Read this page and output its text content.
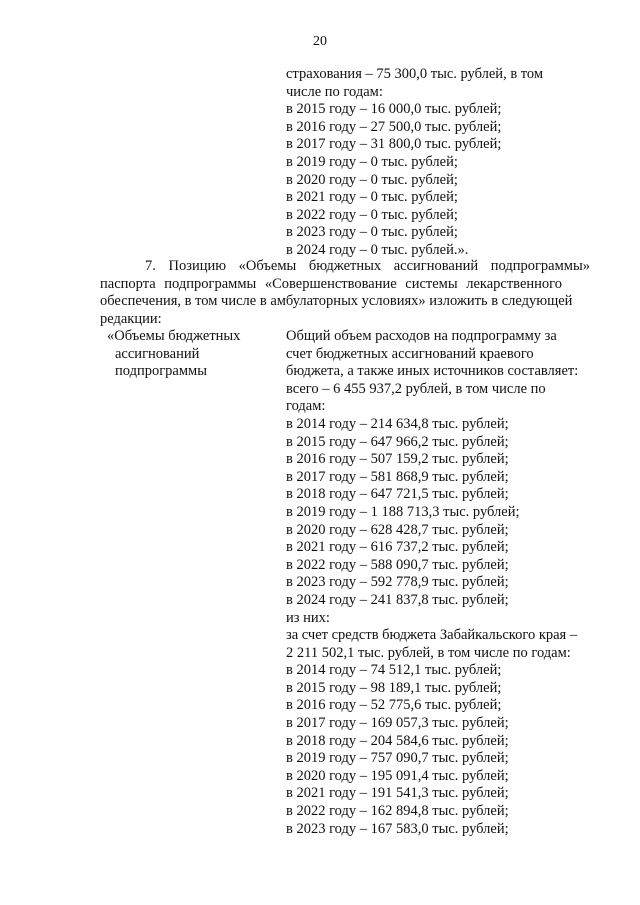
20
страхования – 75 300,0 тыс. рублей, в том
числе по годам:
в 2015 году – 16 000,0 тыс. рублей;
в 2016 году – 27 500,0 тыс. рублей;
в 2017 году – 31 800,0 тыс. рублей;
в 2019 году – 0 тыс. рублей;
в 2020 году – 0 тыс. рублей;
в 2021 году – 0 тыс. рублей;
в 2022 году – 0 тыс. рублей;
в 2023 году – 0 тыс. рублей;
в 2024 году – 0 тыс. рублей.».
7. Позицию «Объемы бюджетных ассигнований подпрограммы»
паспорта подпрограммы «Совершенствование системы лекарственного
обеспечения, в том числе в амбулаторных условиях» изложить в следующей
редакции:
«Объемы бюджетных
ассигнований
подпрограммы
Общий объем расходов на подпрограмму за
счет бюджетных ассигнований краевого
бюджета, а также иных источников составляет:
всего – 6 455 937,2 рублей, в том числе по
годам:
в 2014 году – 214 634,8 тыс. рублей;
в 2015 году – 647 966,2 тыс. рублей;
в 2016 году – 507 159,2 тыс. рублей;
в 2017 году – 581 868,9 тыс. рублей;
в 2018 году – 647 721,5 тыс. рублей;
в 2019 году – 1 188 713,3 тыс. рублей;
в 2020 году – 628 428,7 тыс. рублей;
в 2021 году – 616 737,2 тыс. рублей;
в 2022 году – 588 090,7 тыс. рублей;
в 2023 году – 592 778,9 тыс. рублей;
в 2024 году – 241 837,8 тыс. рублей;
из них:
за счет средств бюджета Забайкальского края –
2 211 502,1 тыс. рублей, в том числе по годам:
в 2014 году – 74 512,1 тыс. рублей;
в 2015 году – 98 189,1 тыс. рублей;
в 2016 году – 52 775,6 тыс. рублей;
в 2017 году – 169 057,3 тыс. рублей;
в 2018 году – 204 584,6 тыс. рублей;
в 2019 году – 757 090,7 тыс. рублей;
в 2020 году – 195 091,4 тыс. рублей;
в 2021 году – 191 541,3 тыс. рублей;
в 2022 году – 162 894,8 тыс. рублей;
в 2023 году – 167 583,0 тыс. рублей;
